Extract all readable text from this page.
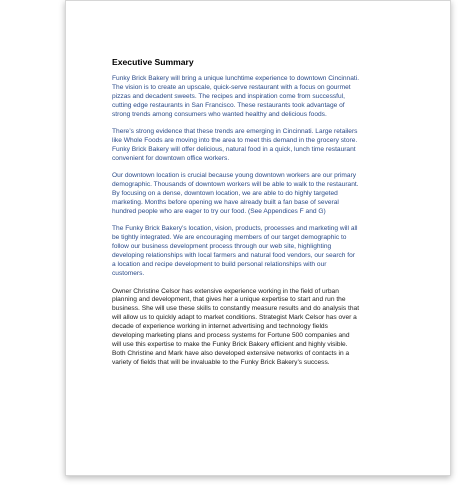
Executive Summary
Funky Brick Bakery will bring a unique lunchtime experience to downtown Cincinnati.
The vision is to create an upscale, quick-serve restaurant with a focus on gourmet
pizzas and decadent sweets. The recipes and inspiration come from successful,
cutting edge restaurants in San Francisco. These restaurants took advantage of
strong trends among consumers who wanted healthy and delicious foods.
There’s strong evidence that these trends are emerging in Cincinnati. Large retailers
like Whole Foods are moving into the area to meet this demand in the grocery store.
Funky Brick Bakery will offer delicious, natural food in a quick, lunch time restaurant
convenient for downtown office workers.
Our downtown location is crucial because young downtown workers are our primary
demographic. Thousands of downtown workers will be able to walk to the restaurant.
By focusing on a dense, downtown location, we are able to do highly targeted
marketing. Months before opening we have already built a fan base of several
hundred people who are eager to try our food. (See Appendices F and G)
The Funky Brick Bakery’s location, vision, products, processes and marketing will all
be tightly integrated. We are encouraging members of our target demographic to
follow our business development process through our web site, highlighting
developing relationships with local farmers and natural food vendors, our search for
a location and recipe development to build personal relationships with our
customers.
Owner Christine Celsor has extensive experience working in the field of urban
planning and development, that gives her a unique expertise to start and run the
business. She will use these skills to constantly measure results and do analysis that
will allow us to quickly adapt to market conditions. Strategist Mark Celsor has over a
decade of experience working in internet advertising and technology fields
developing marketing plans and process systems for Fortune 500 companies and
will use this expertise to make the Funky Brick Bakery efficient and highly visible.
Both Christine and Mark have also developed extensive networks of contacts in a
variety of fields that will be invaluable to the Funky Brick Bakery’s success.
